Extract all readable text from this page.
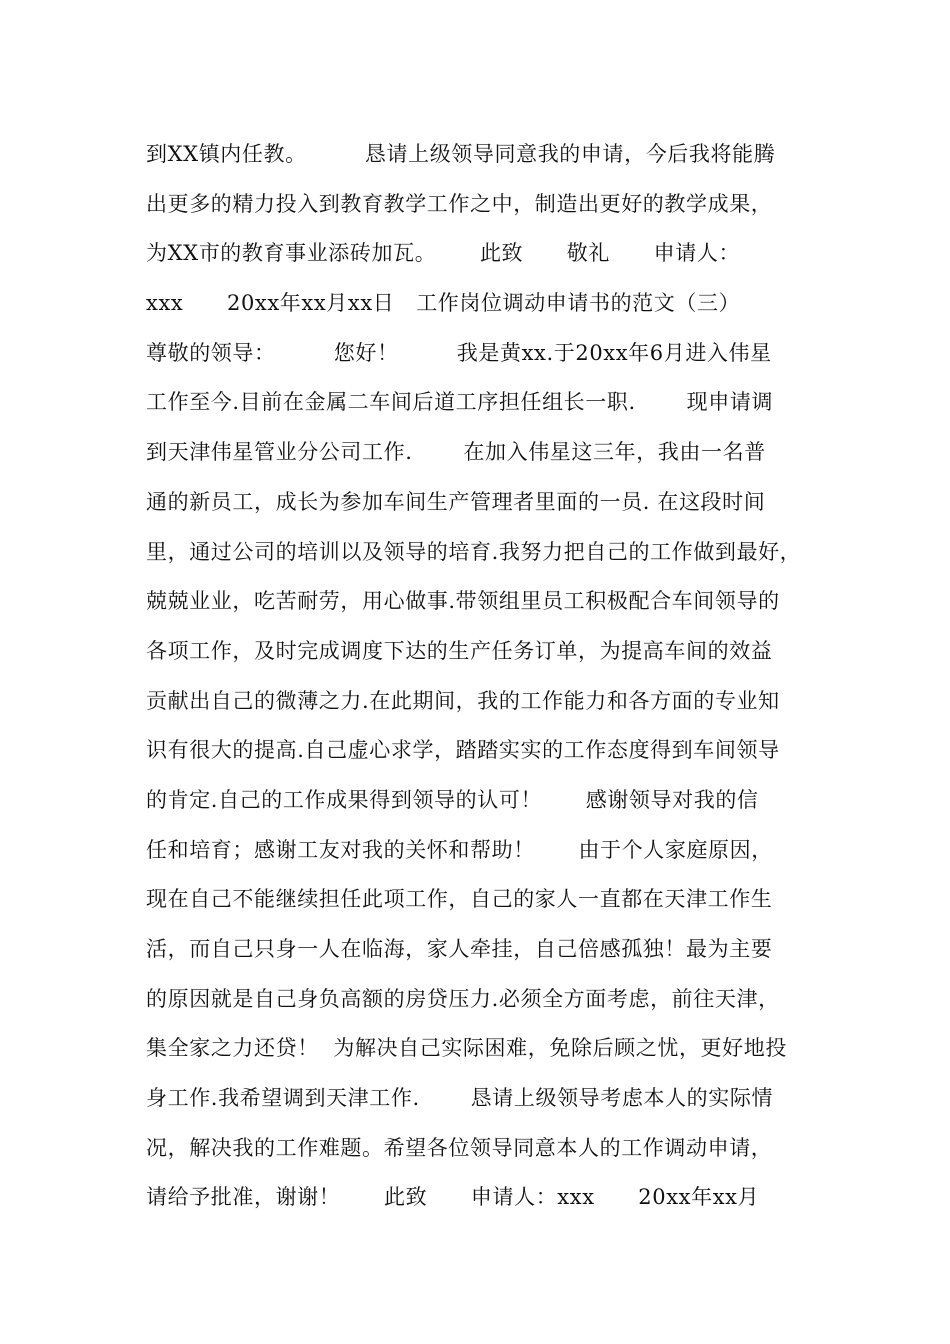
到XX镇内任教。        恳请上级领导同意我的申请，今后我将能腾
出更多的精力投入到教育教学工作之中，制造出更好的教学成果，
为XX市的教育事业添砖加瓦。      此致      敬礼      申请人：
xxx      20xx年xx月xx日   工作岗位调动申请书的范文（三）
尊敬的领导：        您好！        我是黄xx.于20xx年6月进入伟星
工作至今.目前在金属二车间后道工序担任组长一职.       现申请调
到天津伟星管业分公司工作.       在加入伟星这三年，我由一名普
通的新员工，成长为参加车间生产管理者里面的一员. 在这段时间
里，通过公司的培训以及领导的培育.我努力把自己的工作做到最好，
兢兢业业，吃苦耐劳，用心做事.带领组里员工积极配合车间领导的
各项工作，及时完成调度下达的生产任务订单，为提高车间的效益
贡献出自己的微薄之力.在此期间，我的工作能力和各方面的专业知
识有很大的提高.自己虚心求学，踏踏实实的工作态度得到车间领导
的肯定.自己的工作成果得到领导的认可！      感谢领导对我的信
任和培育；感谢工友对我的关怀和帮助！      由于个人家庭原因，
现在自己不能继续担任此项工作，自己的家人一直都在天津工作生
活，而自己只身一人在临海，家人牵挂，自己倍感孤独！最为主要
的原因就是自己身负高额的房贷压力.必须全方面考虑，前往天津，
集全家之力还贷！  为解决自己实际困难，免除后顾之忧，更好地投
身工作.我希望调到天津工作.       恳请上级领导考虑本人的实际情
况，解决我的工作难题。希望各位领导同意本人的工作调动申请，
请给予批准，谢谢！      此致      申请人：xxx      20xx年xx月
